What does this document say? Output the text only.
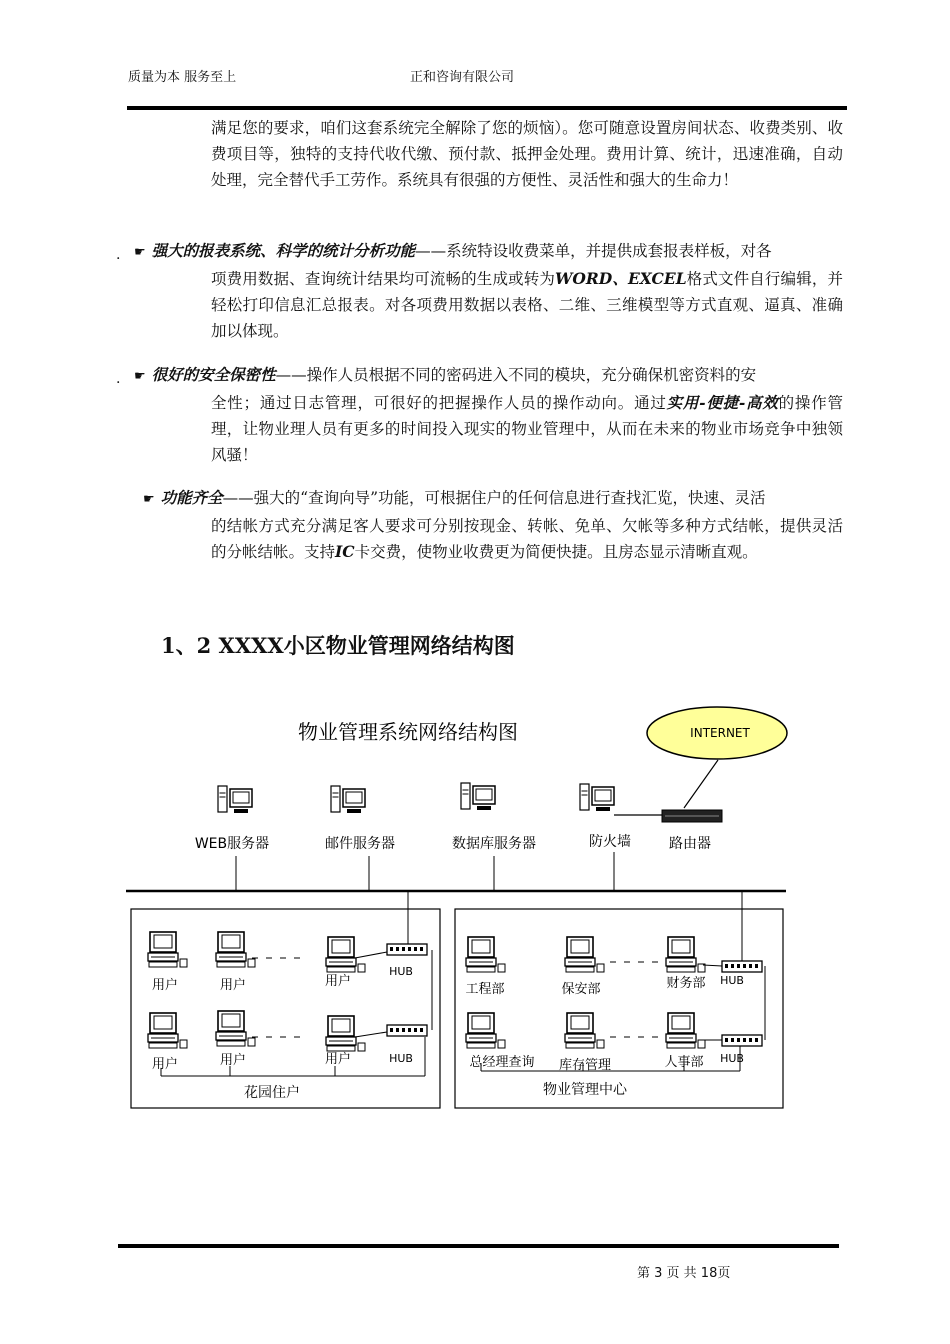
质量为本 服务至上	正和咨询有限公司
满足您的要求，咱们这套系统完全解除了您的烦恼）。您可随意设置房间状态、收费类别、收费项目等，独特的支持代收代缴、预付款、抵押金处理。费用计算、统计，迅速准确，自动处理，完全替代手工劳作。系统具有很强的方便性、灵活性和强大的生命力！
. ☛ 强大的报表系统、科学的统计分析功能——系统特设收费菜单，并提供成套报表样板，对各
项费用数据、查询统计结果均可流畅的生成或转为WORD、EXCEL格式文件自行编辑，并轻松打印信息汇总报表。对各项费用数据以表格、二维、三维模型等方式直观、逼真、准确加以体现。
. ☛ 很好的安全保密性——操作人员根据不同的密码进入不同的模块，充分确保机密资料的安
全性；通过日志管理，可很好的把握操作人员的操作动向。通过实用-便捷-高效的操作管理，让物业理人员有更多的时间投入现实的物业管理中，从而在未来的物业市场竞争中独领风骚！
☛ 功能齐全——强大的“查询向导”功能，可根据住户的任何信息进行查找汇览，快速、灵活
的结帐方式充分满足客人要求可分别按现金、转帐、免单、欠帐等多种方式结帐，提供灵活的分帐结帐。支持IC卡交费，使物业收费更为简便快捷。且房态显示清晰直观。
1、2 XXXX小区物业管理网络结构图
物业管理系统网络结构图	INTERNET
WEB服务器	邮件服务器	数据库服务器	防火墙	路由器
用户	用户	用户
HUB
用户	用户	用户	HUB
花园住户
工程部	保安部	财务部 HUB
总经理查询 库存管理	人事部 HUB
物业管理中心
第 3 页 共 18页
